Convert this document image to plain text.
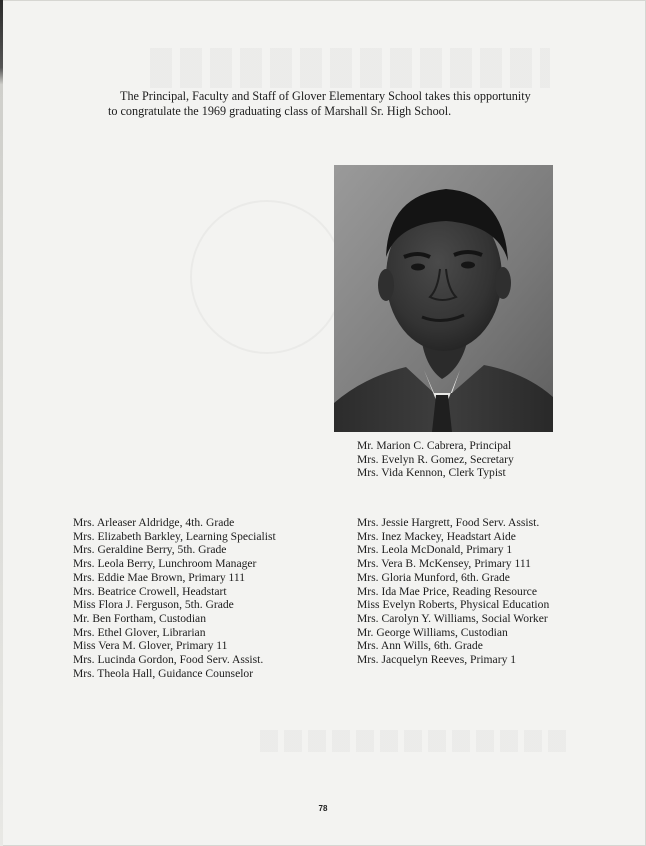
The Principal, Faculty and Staff of Glover Elementary School takes this opportunity

to congratulate the 1969 graduating class of Marshall Sr. High School.

Mr. Marion C. Cabrera, Principal
Mrs. Evelyn R. Gomez, Secretary
Mrs. Vida Kennon, Clerk Typist
Mrs. Arleaser Aldridge, 4th. Grade
Mrs. Elizabeth Barkley, Learning Specialist
Mrs. Geraldine Berry, 5th. Grade
Mrs. Leola Berry, Lunchroom Manager
Mrs. Eddie Mae Brown, Primary 111
Mrs. Beatrice Crowell, Headstart
Miss Flora J. Ferguson, 5th. Grade
Mr. Ben Fortham, Custodian
Mrs. Ethel Glover, Librarian
Miss Vera M. Glover, Primary 11
Mrs. Lucinda Gordon, Food Serv. Assist.
Mrs. Theola Hall, Guidance Counselor
Mrs. Jessie Hargrett, Food Serv. Assist.
Mrs. Inez Mackey, Headstart Aide
Mrs. Leola McDonald, Primary 1
Mrs. Vera B. McKensey, Primary 111
Mrs. Gloria Munford, 6th. Grade
Mrs. Ida Mae Price, Reading Resource
Miss Evelyn Roberts, Physical Education
Mrs. Carolyn Y. Williams, Social Worker
Mr. George Williams, Custodian
Mrs. Ann Wills, 6th. Grade
Mrs. Jacquelyn Reeves, Primary 1
78
